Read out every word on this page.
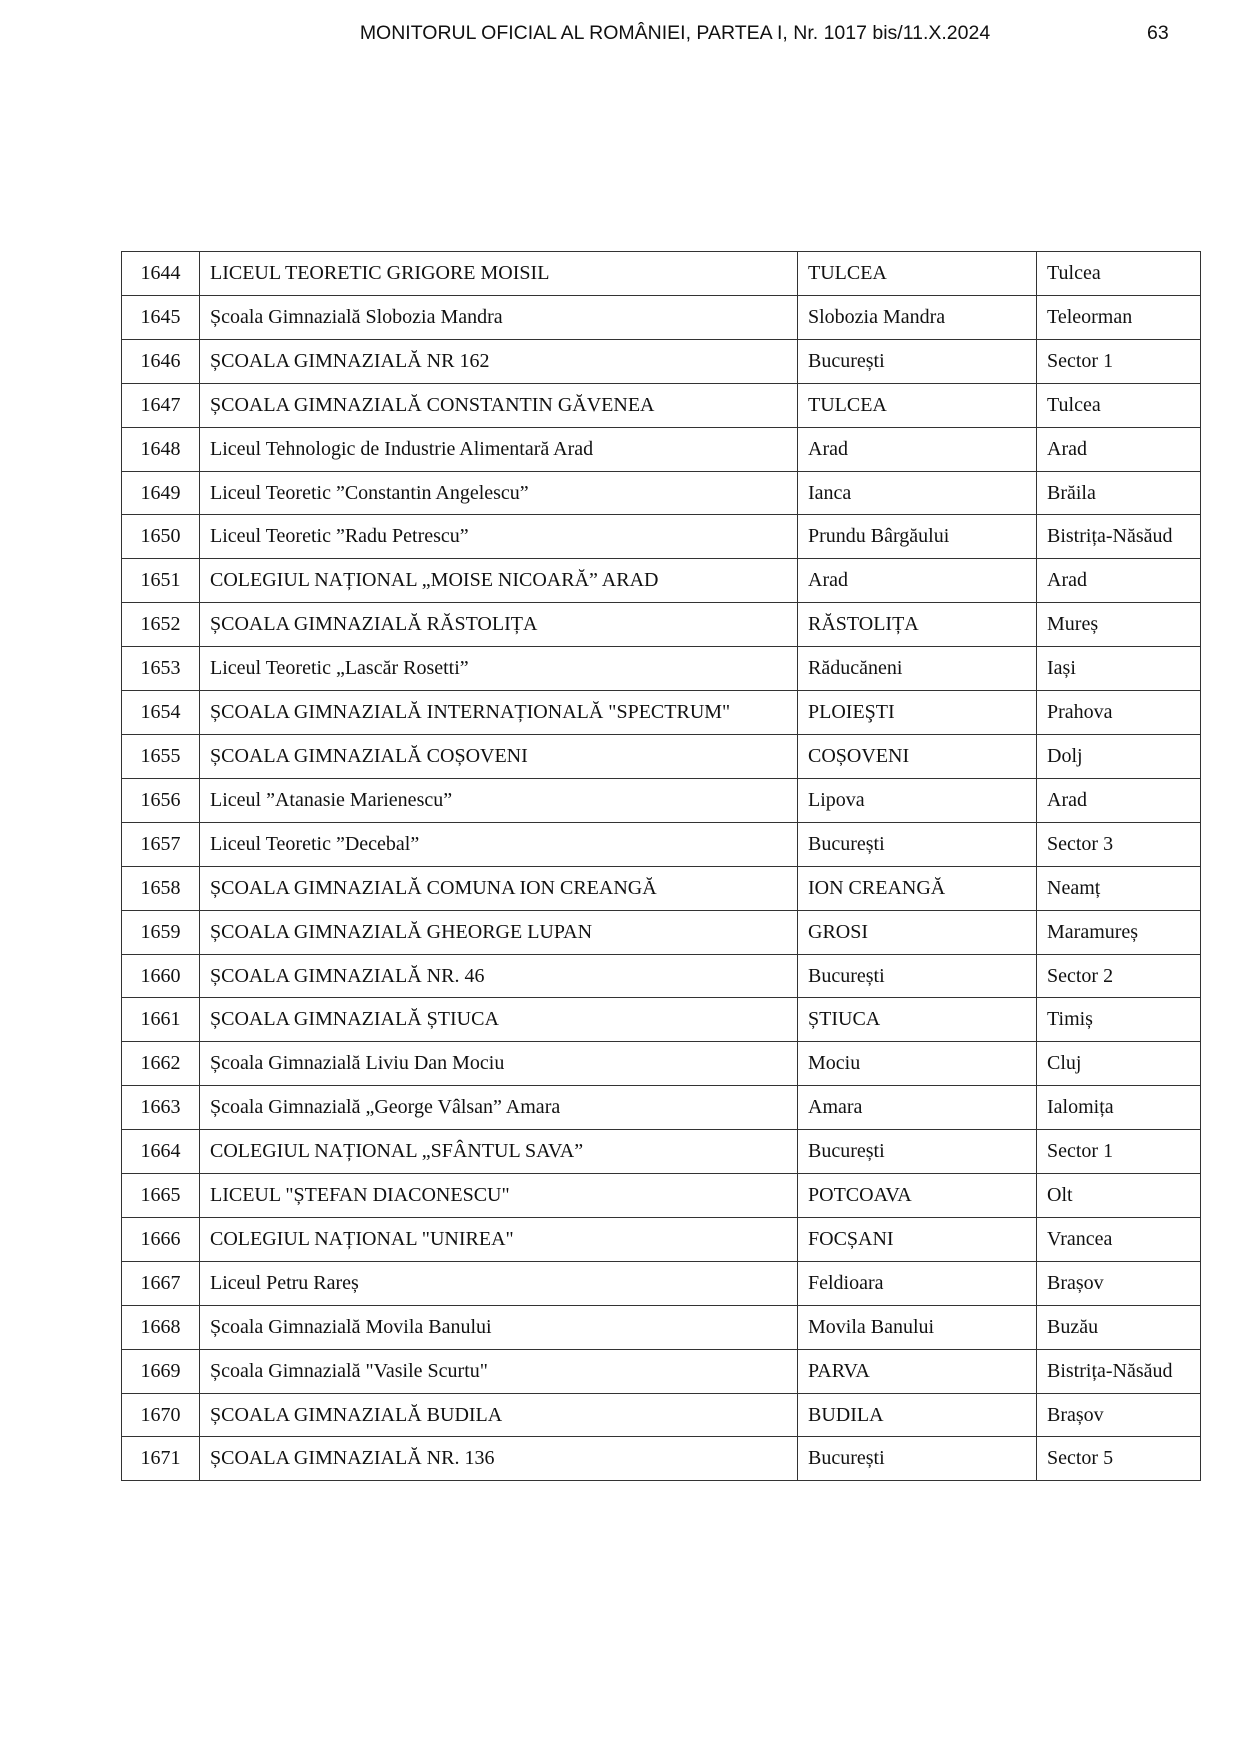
MONITORUL OFICIAL AL ROMÂNIEI, PARTEA I, Nr. 1017 bis/11.X.2024	63
1644	LICEUL TEORETIC GRIGORE MOISIL	TULCEA	Tulcea
1645	Școala Gimnazială Slobozia Mandra	Slobozia Mandra	Teleorman
1646	ȘCOALA GIMNAZIALĂ NR 162	București	Sector 1
1647	ȘCOALA GIMNAZIALĂ CONSTANTIN GĂVENEA	TULCEA	Tulcea
1648	Liceul Tehnologic de Industrie Alimentară Arad	Arad	Arad
1649	Liceul Teoretic ”Constantin Angelescu”	Ianca	Brăila
1650	Liceul Teoretic ”Radu Petrescu”	Prundu Bârgăului	Bistrița-Năsăud
1651	COLEGIUL NAȚIONAL „MOISE NICOARĂ” ARAD	Arad	Arad
1652	ȘCOALA GIMNAZIALĂ RĂSTOLIȚA	RĂSTOLIȚA	Mureș
1653	Liceul Teoretic „Lascăr Rosetti”	Răducăneni	Iași
1654	ȘCOALA GIMNAZIALĂ INTERNAȚIONALĂ "SPECTRUM"	PLOIEŞTI	Prahova
1655	ȘCOALA GIMNAZIALĂ COȘOVENI	COȘOVENI	Dolj
1656	Liceul ”Atanasie Marienescu”	Lipova	Arad
1657	Liceul Teoretic ”Decebal”	București	Sector 3
1658	ȘCOALA GIMNAZIALĂ COMUNA ION CREANGĂ	ION CREANGĂ	Neamț
1659	ȘCOALA GIMNAZIALĂ GHEORGE LUPAN	GROSI	Maramureș
1660	ȘCOALA GIMNAZIALĂ NR. 46	București	Sector 2
1661	ȘCOALA GIMNAZIALĂ ȘTIUCA	ȘTIUCA	Timiș
1662	Școala Gimnazială Liviu Dan Mociu	Mociu	Cluj
1663	Școala Gimnazială „George Vâlsan” Amara	Amara	Ialomița
1664	COLEGIUL NAȚIONAL „SFÂNTUL SAVA”	București	Sector 1
1665	LICEUL "ȘTEFAN DIACONESCU"	POTCOAVA	Olt
1666	COLEGIUL NAȚIONAL "UNIREA"	FOCȘANI	Vrancea
1667	Liceul Petru Rareș	Feldioara	Brașov
1668	Școala Gimnazială Movila Banului	Movila Banului	Buzău
1669	Școala Gimnazială "Vasile Scurtu"	PARVA	Bistrița-Năsăud
1670	ȘCOALA GIMNAZIALĂ BUDILA	BUDILA	Brașov
1671	ȘCOALA GIMNAZIALĂ NR. 136	București	Sector 5
